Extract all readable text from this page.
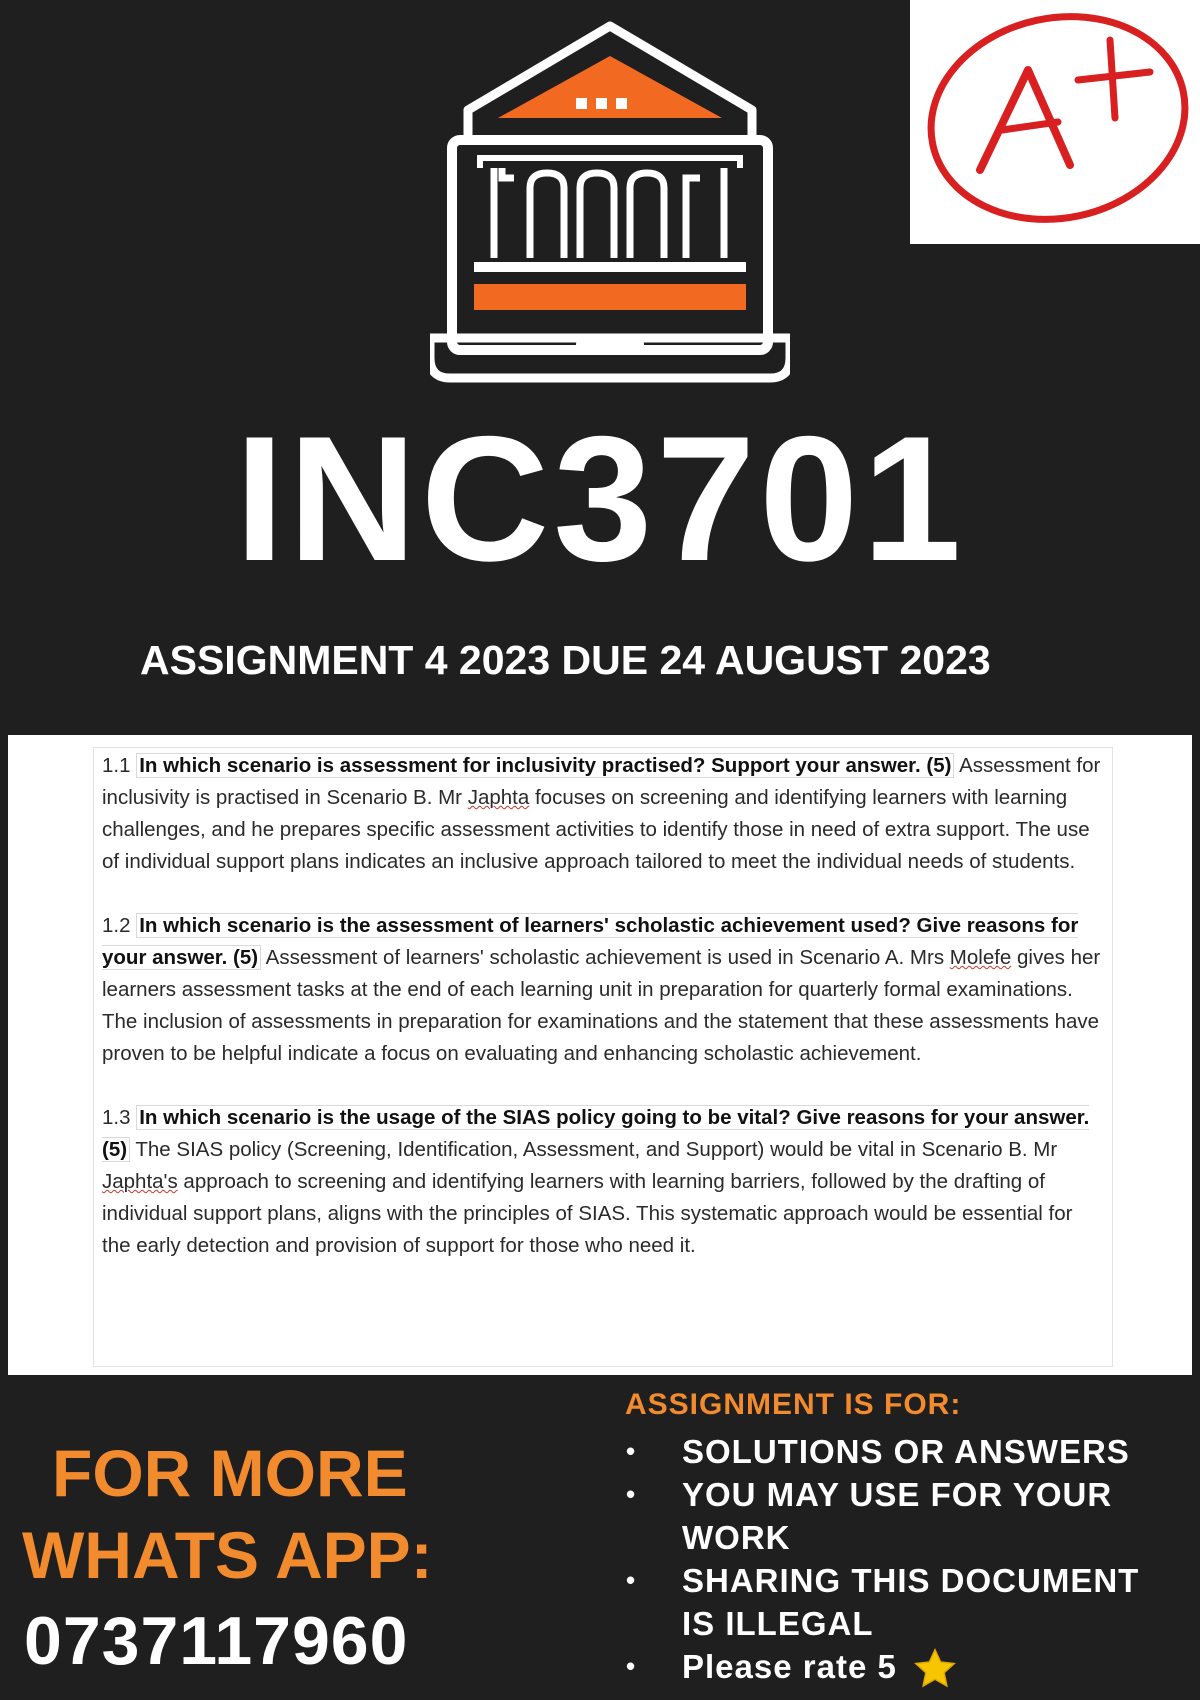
A+
INC3701
ASSIGNMENT 4 2023 DUE 24 AUGUST 2023
1.1 In which scenario is assessment for inclusivity practised? Support your answer. (5) Assessment for inclusivity is practised in Scenario B. Mr Japhta focuses on screening and identifying learners with learning challenges, and he prepares specific assessment activities to identify those in need of extra support. The use of individual support plans indicates an inclusive approach tailored to meet the individual needs of students.
1.2 In which scenario is the assessment of learners' scholastic achievement used? Give reasons for your answer. (5) Assessment of learners' scholastic achievement is used in Scenario A. Mrs Molefe gives her learners assessment tasks at the end of each learning unit in preparation for quarterly formal examinations. The inclusion of assessments in preparation for examinations and the statement that these assessments have proven to be helpful indicate a focus on evaluating and enhancing scholastic achievement.
1.3 In which scenario is the usage of the SIAS policy going to be vital? Give reasons for your answer. (5) The SIAS policy (Screening, Identification, Assessment, and Support) would be vital in Scenario B. Mr Japhta's approach to screening and identifying learners with learning barriers, followed by the drafting of individual support plans, aligns with the principles of SIAS. This systematic approach would be essential for the early detection and provision of support for those who need it.
FOR MORE
WHATS APP:
0737117960
ASSIGNMENT IS FOR:
• SOLUTIONS OR ANSWERS
• YOU MAY USE FOR YOUR WORK
• SHARING THIS DOCUMENT IS ILLEGAL
• Please rate 5
